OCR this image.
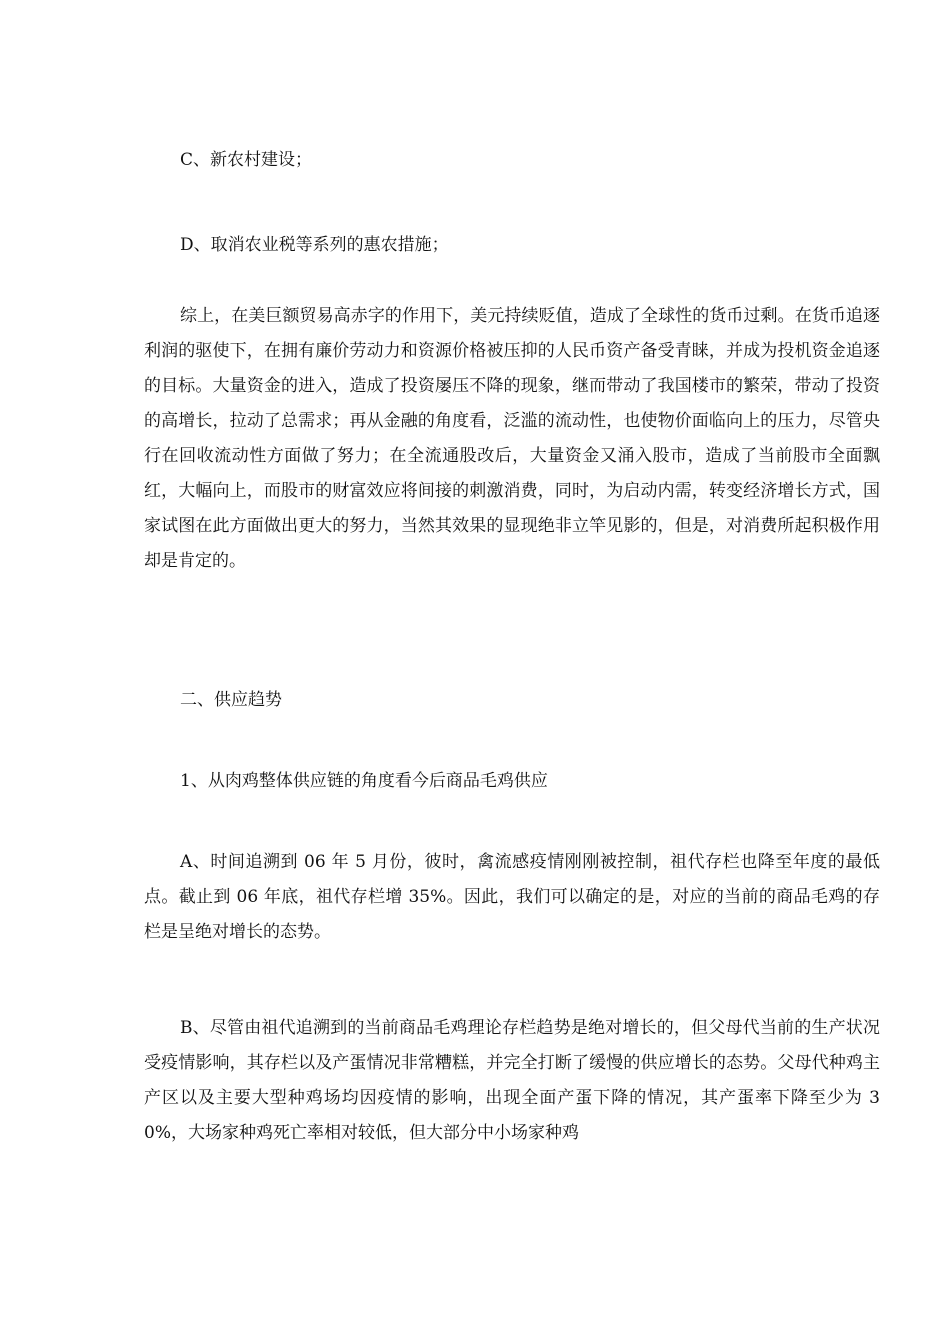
C、新农村建设；

D、取消农业税等系列的惠农措施；

综上，在美巨额贸易高赤字的作用下，美元持续贬值，造成了全球性的货币过剩。在货币追逐利润的驱使下，在拥有廉价劳动力和资源价格被压抑的人民币资产备受青睐，并成为投机资金追逐的目标。大量资金的进入，造成了投资屡压不降的现象，继而带动了我国楼市的繁荣，带动了投资的高增长，拉动了总需求；再从金融的角度看，泛滥的流动性，也使物价面临向上的压力，尽管央行在回收流动性方面做了努力；在全流通股改后，大量资金又涌入股市，造成了当前股市全面飘红，大幅向上，而股市的财富效应将间接的刺激消费，同时，为启动内需，转变经济增长方式，国家试图在此方面做出更大的努力，当然其效果的显现绝非立竿见影的，但是，对消费所起积极作用却是肯定的。

二、供应趋势

1、从肉鸡整体供应链的角度看今后商品毛鸡供应

A、时间追溯到 06 年 5 月份，彼时，禽流感疫情刚刚被控制，祖代存栏也降至年度的最低点。截止到 06 年底，祖代存栏增 35%。因此，我们可以确定的是，对应的当前的商品毛鸡的存栏是呈绝对增长的态势。

B、尽管由祖代追溯到的当前商品毛鸡理论存栏趋势是绝对增长的，但父母代当前的生产状况受疫情影响，其存栏以及产蛋情况非常糟糕，并完全打断了缓慢的供应增长的态势。父母代种鸡主产区以及主要大型种鸡场均因疫情的影响，出现全面产蛋下降的情况，其产蛋率下降至少为 30%，大场家种鸡死亡率相对较低，但大部分中小场家种鸡
